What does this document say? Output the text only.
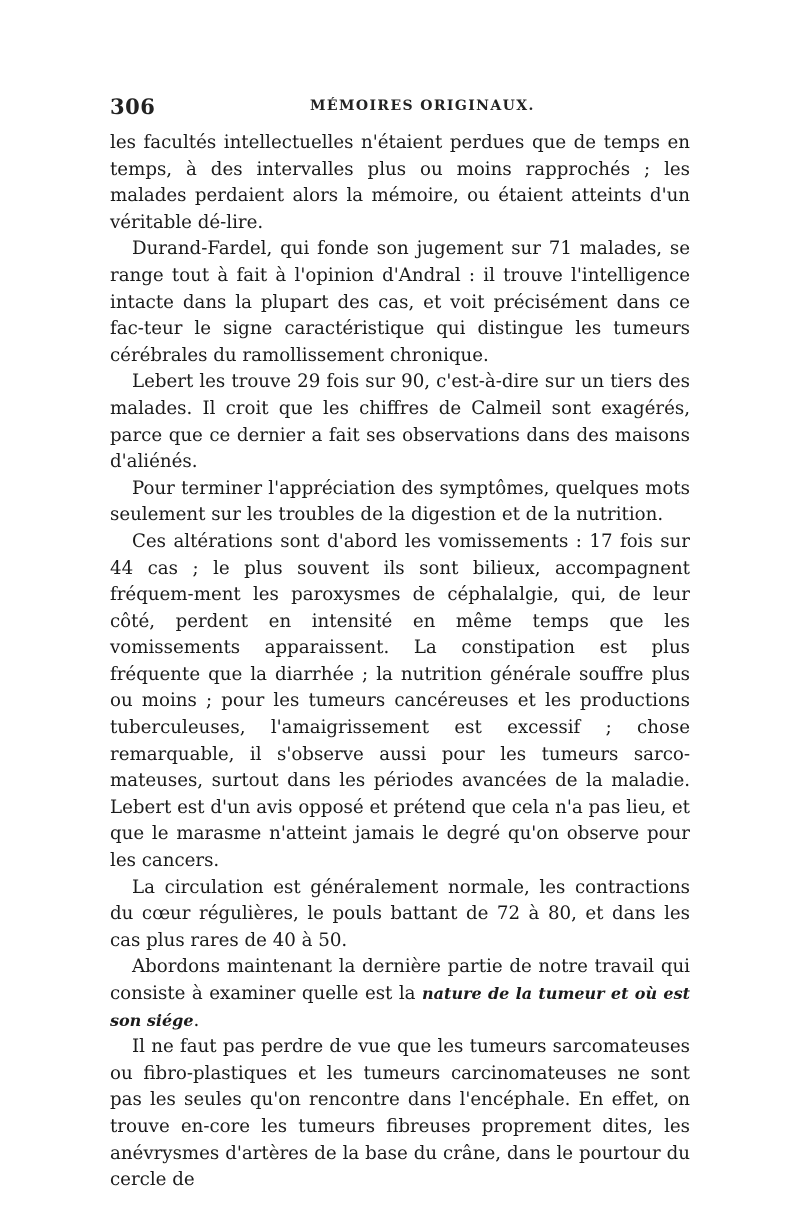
306	MÉMOIRES ORIGINAUX.

les facultés intellectuelles n'étaient perdues que de temps en temps, à des intervalles plus ou moins rapprochés ; les malades perdaient alors la mémoire, ou étaient atteints d'un véritable dé-lire.

Durand-Fardel, qui fonde son jugement sur 71 malades, se range tout à fait à l'opinion d'Andral : il trouve l'intelligence intacte dans la plupart des cas, et voit précisément dans ce fac-teur le signe caractéristique qui distingue les tumeurs cérébrales du ramollissement chronique.

Lebert les trouve 29 fois sur 90, c'est-à-dire sur un tiers des malades. Il croit que les chiffres de Calmeil sont exagérés, parce que ce dernier a fait ses observations dans des maisons d'aliénés.

Pour terminer l'appréciation des symptômes, quelques mots seulement sur les troubles de la digestion et de la nutrition.

Ces altérations sont d'abord les vomissements : 17 fois sur 44 cas ; le plus souvent ils sont bilieux, accompagnent fréquem-ment les paroxysmes de céphalalgie, qui, de leur côté, perdent en intensité en même temps que les vomissements apparaissent. La constipation est plus fréquente que la diarrhée ; la nutrition générale souffre plus ou moins ; pour les tumeurs cancéreuses et les productions tuberculeuses, l'amaigrissement est excessif ; chose remarquable, il s'observe aussi pour les tumeurs sarco-mateuses, surtout dans les périodes avancées de la maladie. Lebert est d'un avis opposé et prétend que cela n'a pas lieu, et que le marasme n'atteint jamais le degré qu'on observe pour les cancers.

La circulation est généralement normale, les contractions du cœur régulières, le pouls battant de 72 à 80, et dans les cas plus rares de 40 à 50.

Abordons maintenant la dernière partie de notre travail qui consiste à examiner quelle est la nature de la tumeur et où est son siége.

Il ne faut pas perdre de vue que les tumeurs sarcomateuses ou fibro-plastiques et les tumeurs carcinomateuses ne sont pas les seules qu'on rencontre dans l'encéphale. En effet, on trouve en-core les tumeurs fibreuses proprement dites, les anévrysmes d'artères de la base du crâne, dans le pourtour du cercle de
